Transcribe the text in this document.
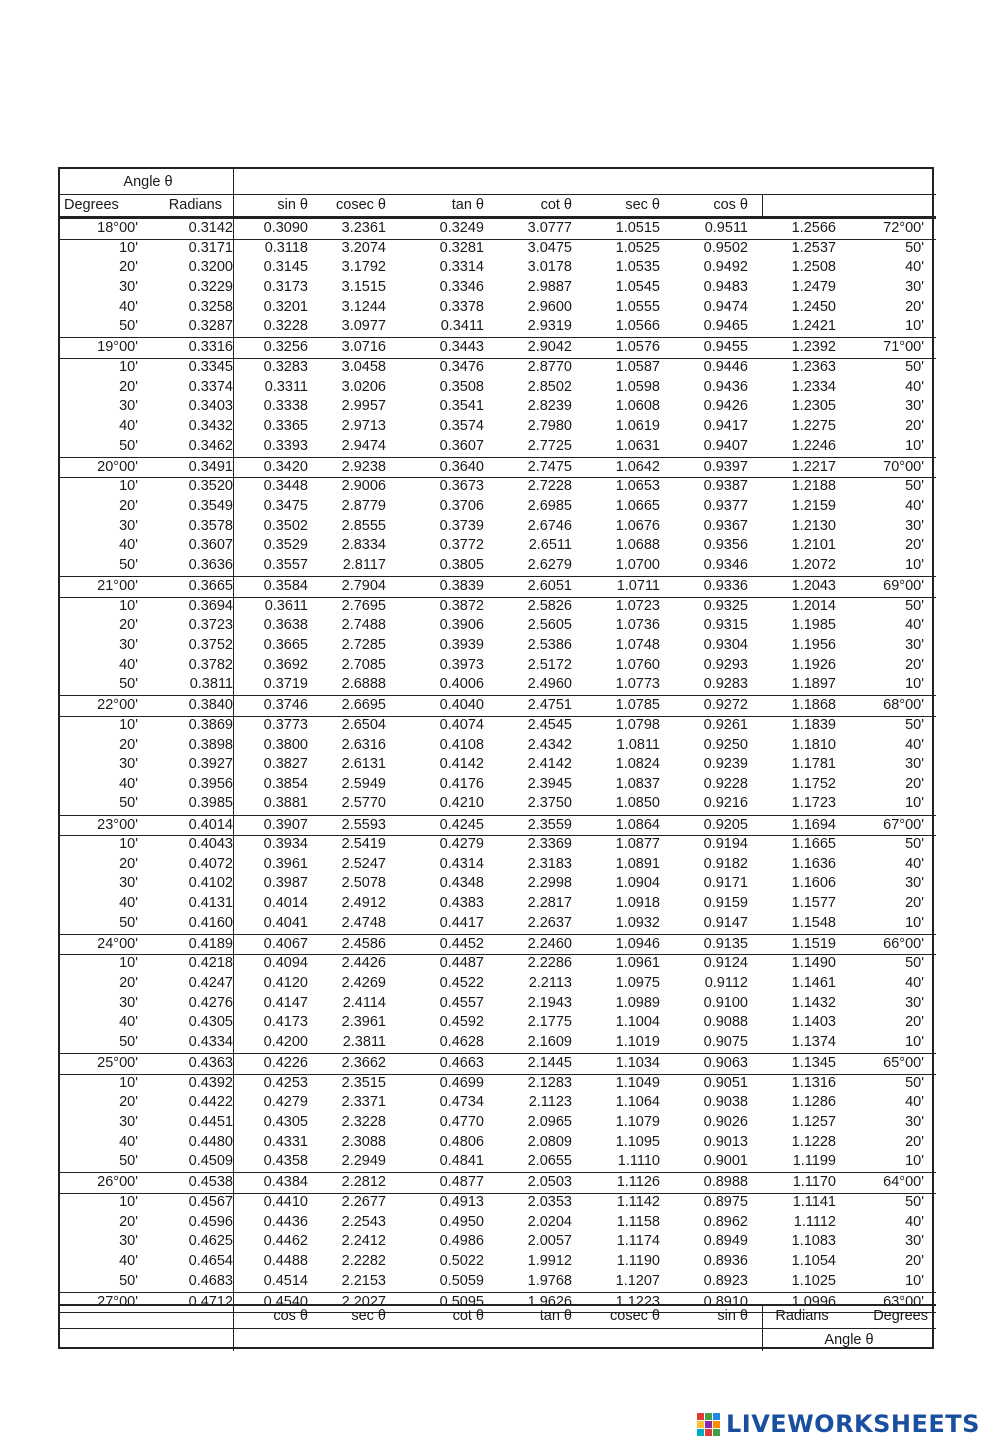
Angle θ
Degrees	Radians	sin θ	cosec θ	tan θ	cot θ	sec θ	cos θ
18°00'	0.3142	0.3090	3.2361	0.3249	3.0777	1.0515	0.9511	1.2566	72°00'
10'	0.3171	0.3118	3.2074	0.3281	3.0475	1.0525	0.9502	1.2537	50'
20'	0.3200	0.3145	3.1792	0.3314	3.0178	1.0535	0.9492	1.2508	40'
30'	0.3229	0.3173	3.1515	0.3346	2.9887	1.0545	0.9483	1.2479	30'
40'	0.3258	0.3201	3.1244	0.3378	2.9600	1.0555	0.9474	1.2450	20'
50'	0.3287	0.3228	3.0977	0.3411	2.9319	1.0566	0.9465	1.2421	10'
19°00'	0.3316	0.3256	3.0716	0.3443	2.9042	1.0576	0.9455	1.2392	71°00'
10'	0.3345	0.3283	3.0458	0.3476	2.8770	1.0587	0.9446	1.2363	50'
20'	0.3374	0.3311	3.0206	0.3508	2.8502	1.0598	0.9436	1.2334	40'
30'	0.3403	0.3338	2.9957	0.3541	2.8239	1.0608	0.9426	1.2305	30'
40'	0.3432	0.3365	2.9713	0.3574	2.7980	1.0619	0.9417	1.2275	20'
50'	0.3462	0.3393	2.9474	0.3607	2.7725	1.0631	0.9407	1.2246	10'
20°00'	0.3491	0.3420	2.9238	0.3640	2.7475	1.0642	0.9397	1.2217	70°00'
10'	0.3520	0.3448	2.9006	0.3673	2.7228	1.0653	0.9387	1.2188	50'
20'	0.3549	0.3475	2.8779	0.3706	2.6985	1.0665	0.9377	1.2159	40'
30'	0.3578	0.3502	2.8555	0.3739	2.6746	1.0676	0.9367	1.2130	30'
40'	0.3607	0.3529	2.8334	0.3772	2.6511	1.0688	0.9356	1.2101	20'
50'	0.3636	0.3557	2.8117	0.3805	2.6279	1.0700	0.9346	1.2072	10'
21°00'	0.3665	0.3584	2.7904	0.3839	2.6051	1.0711	0.9336	1.2043	69°00'
10'	0.3694	0.3611	2.7695	0.3872	2.5826	1.0723	0.9325	1.2014	50'
20'	0.3723	0.3638	2.7488	0.3906	2.5605	1.0736	0.9315	1.1985	40'
30'	0.3752	0.3665	2.7285	0.3939	2.5386	1.0748	0.9304	1.1956	30'
40'	0.3782	0.3692	2.7085	0.3973	2.5172	1.0760	0.9293	1.1926	20'
50'	0.3811	0.3719	2.6888	0.4006	2.4960	1.0773	0.9283	1.1897	10'
22°00'	0.3840	0.3746	2.6695	0.4040	2.4751	1.0785	0.9272	1.1868	68°00'
10'	0.3869	0.3773	2.6504	0.4074	2.4545	1.0798	0.9261	1.1839	50'
20'	0.3898	0.3800	2.6316	0.4108	2.4342	1.0811	0.9250	1.1810	40'
30'	0.3927	0.3827	2.6131	0.4142	2.4142	1.0824	0.9239	1.1781	30'
40'	0.3956	0.3854	2.5949	0.4176	2.3945	1.0837	0.9228	1.1752	20'
50'	0.3985	0.3881	2.5770	0.4210	2.3750	1.0850	0.9216	1.1723	10'
23°00'	0.4014	0.3907	2.5593	0.4245	2.3559	1.0864	0.9205	1.1694	67°00'
10'	0.4043	0.3934	2.5419	0.4279	2.3369	1.0877	0.9194	1.1665	50'
20'	0.4072	0.3961	2.5247	0.4314	2.3183	1.0891	0.9182	1.1636	40'
30'	0.4102	0.3987	2.5078	0.4348	2.2998	1.0904	0.9171	1.1606	30'
40'	0.4131	0.4014	2.4912	0.4383	2.2817	1.0918	0.9159	1.1577	20'
50'	0.4160	0.4041	2.4748	0.4417	2.2637	1.0932	0.9147	1.1548	10'
24°00'	0.4189	0.4067	2.4586	0.4452	2.2460	1.0946	0.9135	1.1519	66°00'
10'	0.4218	0.4094	2.4426	0.4487	2.2286	1.0961	0.9124	1.1490	50'
20'	0.4247	0.4120	2.4269	0.4522	2.2113	1.0975	0.9112	1.1461	40'
30'	0.4276	0.4147	2.4114	0.4557	2.1943	1.0989	0.9100	1.1432	30'
40'	0.4305	0.4173	2.3961	0.4592	2.1775	1.1004	0.9088	1.1403	20'
50'	0.4334	0.4200	2.3811	0.4628	2.1609	1.1019	0.9075	1.1374	10'
25°00'	0.4363	0.4226	2.3662	0.4663	2.1445	1.1034	0.9063	1.1345	65°00'
10'	0.4392	0.4253	2.3515	0.4699	2.1283	1.1049	0.9051	1.1316	50'
20'	0.4422	0.4279	2.3371	0.4734	2.1123	1.1064	0.9038	1.1286	40'
30'	0.4451	0.4305	2.3228	0.4770	2.0965	1.1079	0.9026	1.1257	30'
40'	0.4480	0.4331	2.3088	0.4806	2.0809	1.1095	0.9013	1.1228	20'
50'	0.4509	0.4358	2.2949	0.4841	2.0655	1.1110	0.9001	1.1199	10'
26°00'	0.4538	0.4384	2.2812	0.4877	2.0503	1.1126	0.8988	1.1170	64°00'
10'	0.4567	0.4410	2.2677	0.4913	2.0353	1.1142	0.8975	1.1141	50'
20'	0.4596	0.4436	2.2543	0.4950	2.0204	1.1158	0.8962	1.1112	40'
30'	0.4625	0.4462	2.2412	0.4986	2.0057	1.1174	0.8949	1.1083	30'
40'	0.4654	0.4488	2.2282	0.5022	1.9912	1.1190	0.8936	1.1054	20'
50'	0.4683	0.4514	2.2153	0.5059	1.9768	1.1207	0.8923	1.1025	10'
27°00'	0.4712	0.4540	2.2027	0.5095	1.9626	1.1223	0.8910	1.0996	63°00'
cos θ	sec θ	cot θ	tan θ	cosec θ	sin θ	Radians	Degrees
Angle θ
LIVEWORKSHEETS
